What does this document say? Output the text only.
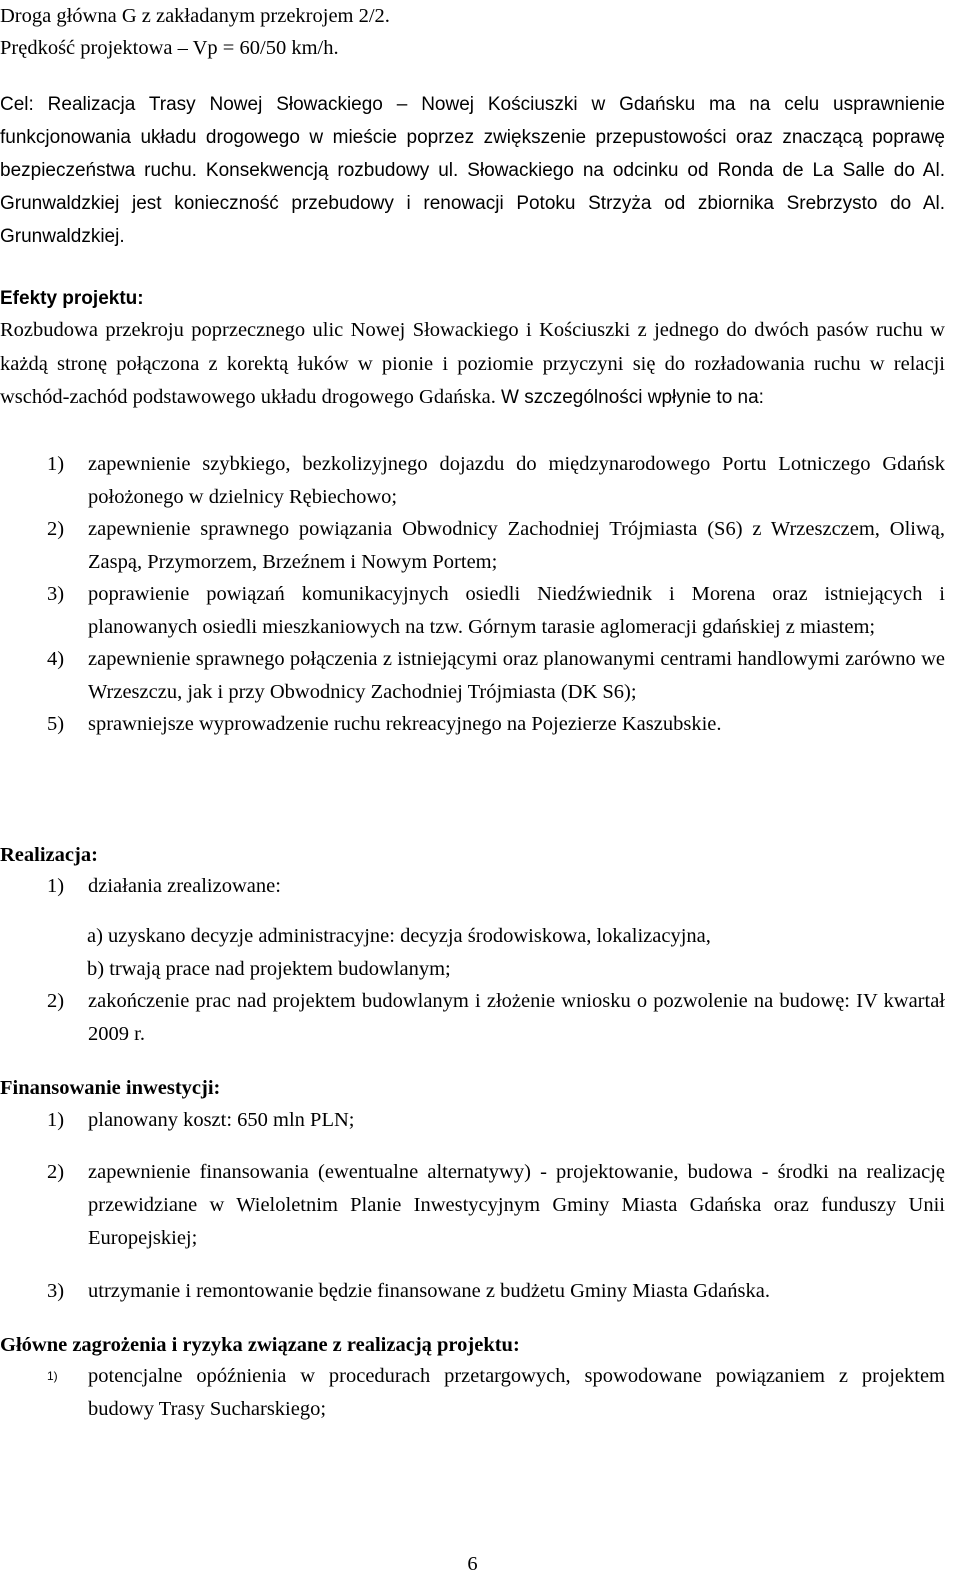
Droga główna G z zakładanym przekrojem 2/2.
Prędkość projektowa – Vp = 60/50 km/h.
Cel: Realizacja Trasy Nowej Słowackiego – Nowej Kościuszki w Gdańsku ma na celu usprawnienie funkcjonowania układu drogowego w mieście poprzez zwiększenie przepustowości oraz znaczącą poprawę bezpieczeństwa ruchu. Konsekwencją rozbudowy ul. Słowackiego na odcinku od Ronda de La Salle do Al. Grunwaldzkiej jest konieczność przebudowy i renowacji Potoku Strzyża od zbiornika Srebrzysto do Al. Grunwaldzkiej.
Efekty projektu:
Rozbudowa przekroju poprzecznego ulic Nowej Słowackiego i Kościuszki z jednego do dwóch pasów ruchu w każdą stronę połączona z korektą łuków w pionie i poziomie przyczyni się do rozładowania ruchu w relacji wschód-zachód podstawowego układu drogowego Gdańska. W szczególności wpłynie to na:
1)	zapewnienie szybkiego, bezkolizyjnego dojazdu do międzynarodowego Portu Lotniczego Gdańsk położonego w dzielnicy Rębiechowo;
2)	zapewnienie sprawnego powiązania Obwodnicy Zachodniej Trójmiasta (S6) z Wrzeszczem, Oliwą, Zaspą, Przymorzem, Brzeźnem i Nowym Portem;
3)	poprawienie powiązań komunikacyjnych osiedli Niedźwiednik i Morena oraz istniejących i planowanych osiedli mieszkaniowych na tzw. Górnym tarasie aglomeracji gdańskiej z miastem;
4)	zapewnienie sprawnego połączenia z istniejącymi oraz planowanymi centrami handlowymi zarówno we Wrzeszczu, jak i przy Obwodnicy Zachodniej Trójmiasta (DK S6);
5)	sprawniejsze wyprowadzenie ruchu rekreacyjnego na Pojezierze Kaszubskie.
Realizacja:
1)	działania zrealizowane:
a) uzyskano decyzje administracyjne: decyzja środowiskowa, lokalizacyjna,
b) trwają prace nad projektem budowlanym;
2)	zakończenie prac nad projektem budowlanym i złożenie wniosku o pozwolenie na budowę: IV kwartał 2009 r.
Finansowanie inwestycji:
1)	planowany koszt: 650 mln PLN;
2)	zapewnienie finansowania (ewentualne alternatywy) - projektowanie, budowa - środki na realizację przewidziane w Wieloletnim Planie Inwestycyjnym Gminy Miasta Gdańska oraz funduszy Unii Europejskiej;
3)	utrzymanie i remontowanie będzie finansowane z budżetu Gminy Miasta Gdańska.
Główne zagrożenia i ryzyka związane z realizacją projektu:
1)	potencjalne opóźnienia w procedurach przetargowych, spowodowane powiązaniem z projektem budowy Trasy Sucharskiego;
6
